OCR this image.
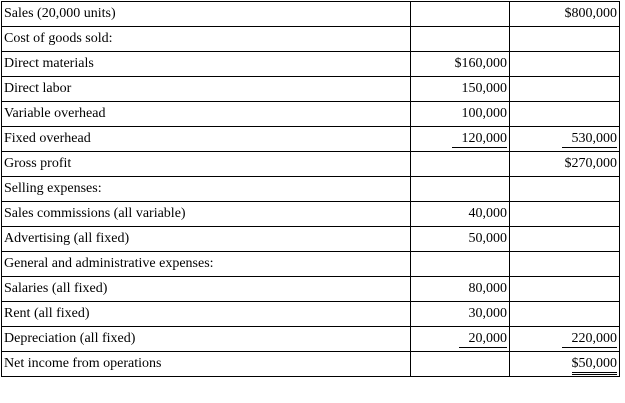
Sales (20,000 units)		$800,000
Cost of goods sold:		
Direct materials	$160,000	
Direct labor	150,000	
Variable overhead	100,000	
Fixed overhead	120,000	530,000
Gross profit		$270,000
Selling expenses:		
Sales commissions (all variable)	40,000	
Advertising (all fixed)	50,000	
General and administrative expenses:		
Salaries (all fixed)	80,000	
Rent (all fixed)	30,000	
Depreciation (all fixed)	20,000	220,000
Net income from operations		$50,000
